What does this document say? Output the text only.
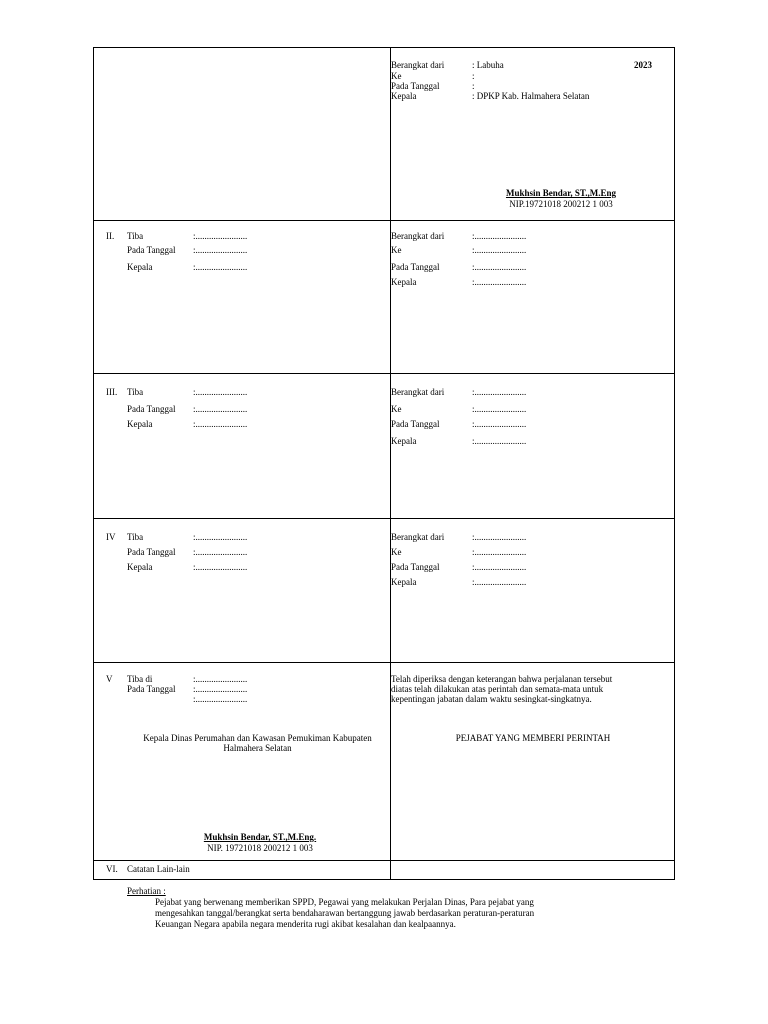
Berangkat dari	: Labuha	2023
Ke	:
Pada Tanggal	:
Kepala	: DPKP Kab. Halmahera Selatan
Mukhsin Bendar, ST.,M.Eng
NIP.19721018 200212 1 003
II. Tiba	:.......................
Pada Tanggal :.......................
Kepala	:.......................
Berangkat dari	:.......................
Ke	:.......................
Pada Tanggal	:.......................
Kepala	:.......................
III. Tiba	:.......................
Pada Tanggal :.......................
Kepala	:.......................
Berangkat dari	:.......................
Ke	:.......................
Pada Tanggal	:.......................
Kepala	:.......................
IV Tiba	:.......................
Pada Tanggal :.......................
Kepala	:.......................
Berangkat dari	:.......................
Ke	:.......................
Pada Tanggal	:.......................
Kepala	:.......................
V Tiba di	:.......................
Pada Tanggal :.......................
:.......................
Telah diperiksa dengan keterangan bahwa perjalanan tersebut diatas telah dilakukan atas perintah dan semata-mata untuk kepentingan jabatan dalam waktu sesingkat-singkatnya.
Kepala Dinas Perumahan dan Kawasan Pemukiman Kabupaten Halmahera Selatan
PEJABAT YANG MEMBERI PERINTAH
Mukhsin Bendar, ST.,M.Eng.
NIP. 19721018 200212 1 003
VI. Catatan Lain-lain
Perhatian :
Pejabat yang berwenang memberikan SPPD, Pegawai yang melakukan Perjalan Dinas, Para pejabat yang
mengesahkan tanggal/berangkat serta bendaharawan bertanggung jawab berdasarkan peraturan-peraturan
Keuangan Negara apabila negara menderita rugi akibat kesalahan dan kealpaannya.
